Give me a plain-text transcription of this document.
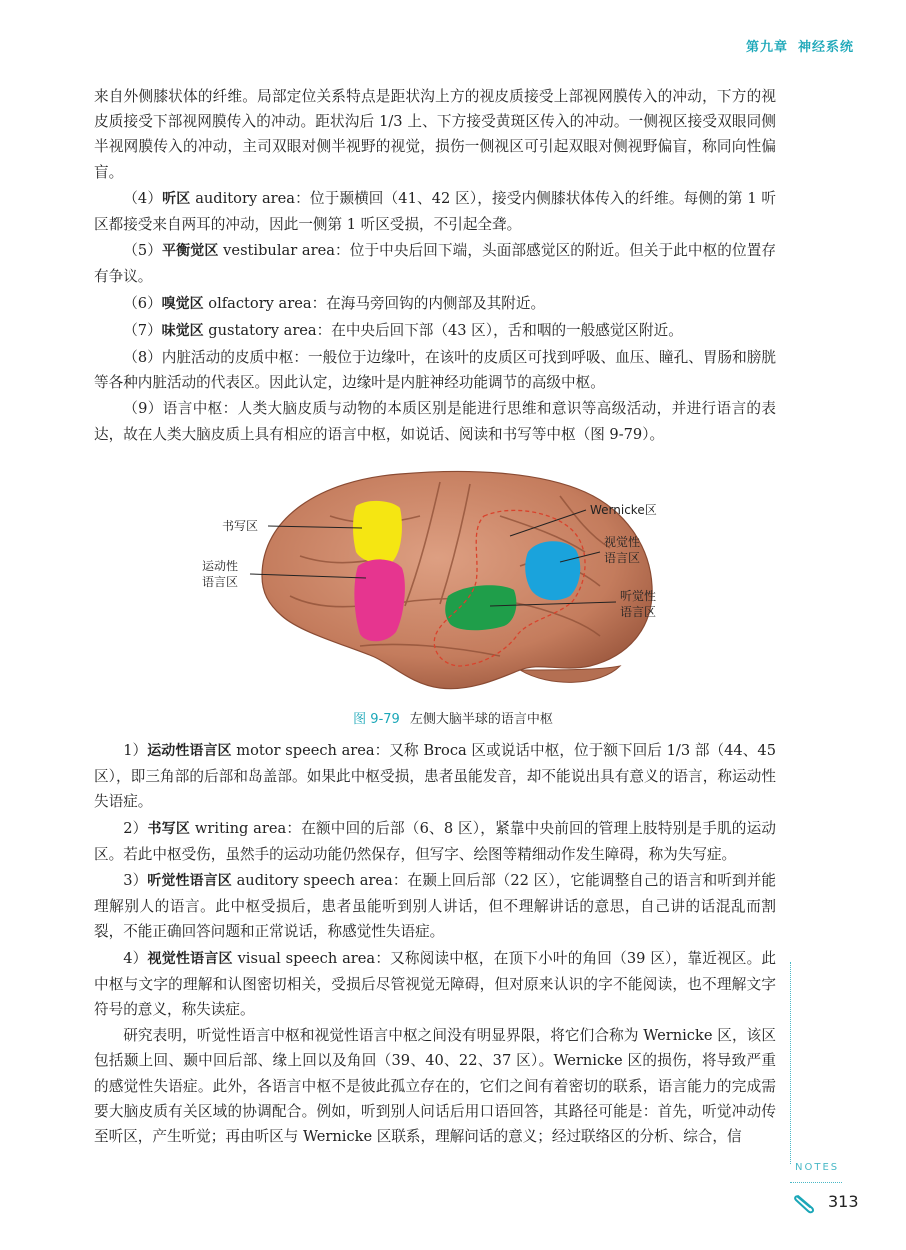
第九章 神经系统

来自外侧膝状体的纤维。局部定位关系特点是距状沟上方的视皮质接受上部视网膜传入的冲动，下方的视皮质接受下部视网膜传入的冲动。距状沟后 1/3 上、下方接受黄斑区传入的冲动。一侧视区接受双眼同侧半视网膜传入的冲动，主司双眼对侧半视野的视觉，损伤一侧视区可引起双眼对侧视野偏盲，称同向性偏盲。

（4）听区 auditory area：位于颞横回（41、42 区），接受内侧膝状体传入的纤维。每侧的第 1 听区都接受来自两耳的冲动，因此一侧第 1 听区受损，不引起全聋。

（5）平衡觉区 vestibular area：位于中央后回下端，头面部感觉区的附近。但关于此中枢的位置存有争议。

（6）嗅觉区 olfactory area：在海马旁回钩的内侧部及其附近。

（7）味觉区 gustatory area：在中央后回下部（43 区），舌和咽的一般感觉区附近。

（8）内脏活动的皮质中枢：一般位于边缘叶，在该叶的皮质区可找到呼吸、血压、瞳孔、胃肠和膀胱等各种内脏活动的代表区。因此认定，边缘叶是内脏神经功能调节的高级中枢。

（9）语言中枢：人类大脑皮质与动物的本质区别是能进行思维和意识等高级活动，并进行语言的表达，故在人类大脑皮质上具有相应的语言中枢，如说话、阅读和书写等中枢（图 9-79）。

书写区
运动性
语言区
Wernicke区
视觉性
语言区
听觉性
语言区
图 9-79 左侧大脑半球的语言中枢

1）运动性语言区 motor speech area：又称 Broca 区或说话中枢，位于额下回后 1/3 部（44、45 区），即三角部的后部和岛盖部。如果此中枢受损，患者虽能发音，却不能说出具有意义的语言，称运动性失语症。

2）书写区 writing area：在额中回的后部（6、8 区），紧靠中央前回的管理上肢特别是手肌的运动区。若此中枢受伤，虽然手的运动功能仍然保存，但写字、绘图等精细动作发生障碍，称为失写症。

3）听觉性语言区 auditory speech area：在颞上回后部（22 区），它能调整自己的语言和听到并能理解别人的语言。此中枢受损后，患者虽能听到别人讲话，但不理解讲话的意思，自己讲的话混乱而割裂，不能正确回答问题和正常说话，称感觉性失语症。

4）视觉性语言区 visual speech area：又称阅读中枢，在顶下小叶的角回（39 区），靠近视区。此中枢与文字的理解和认图密切相关，受损后尽管视觉无障碍，但对原来认识的字不能阅读，也不理解文字符号的意义，称失读症。

研究表明，听觉性语言中枢和视觉性语言中枢之间没有明显界限，将它们合称为 Wernicke 区，该区包括颞上回、颞中回后部、缘上回以及角回（39、40、22、37 区）。Wernicke 区的损伤，将导致严重的感觉性失语症。此外，各语言中枢不是彼此孤立存在的，它们之间有着密切的联系，语言能力的完成需要大脑皮质有关区域的协调配合。例如，听到别人问话后用口语回答，其路径可能是：首先，听觉冲动传至听区，产生听觉；再由听区与 Wernicke 区联系，理解问话的意义；经过联络区的分析、综合，信

NOTES
313
